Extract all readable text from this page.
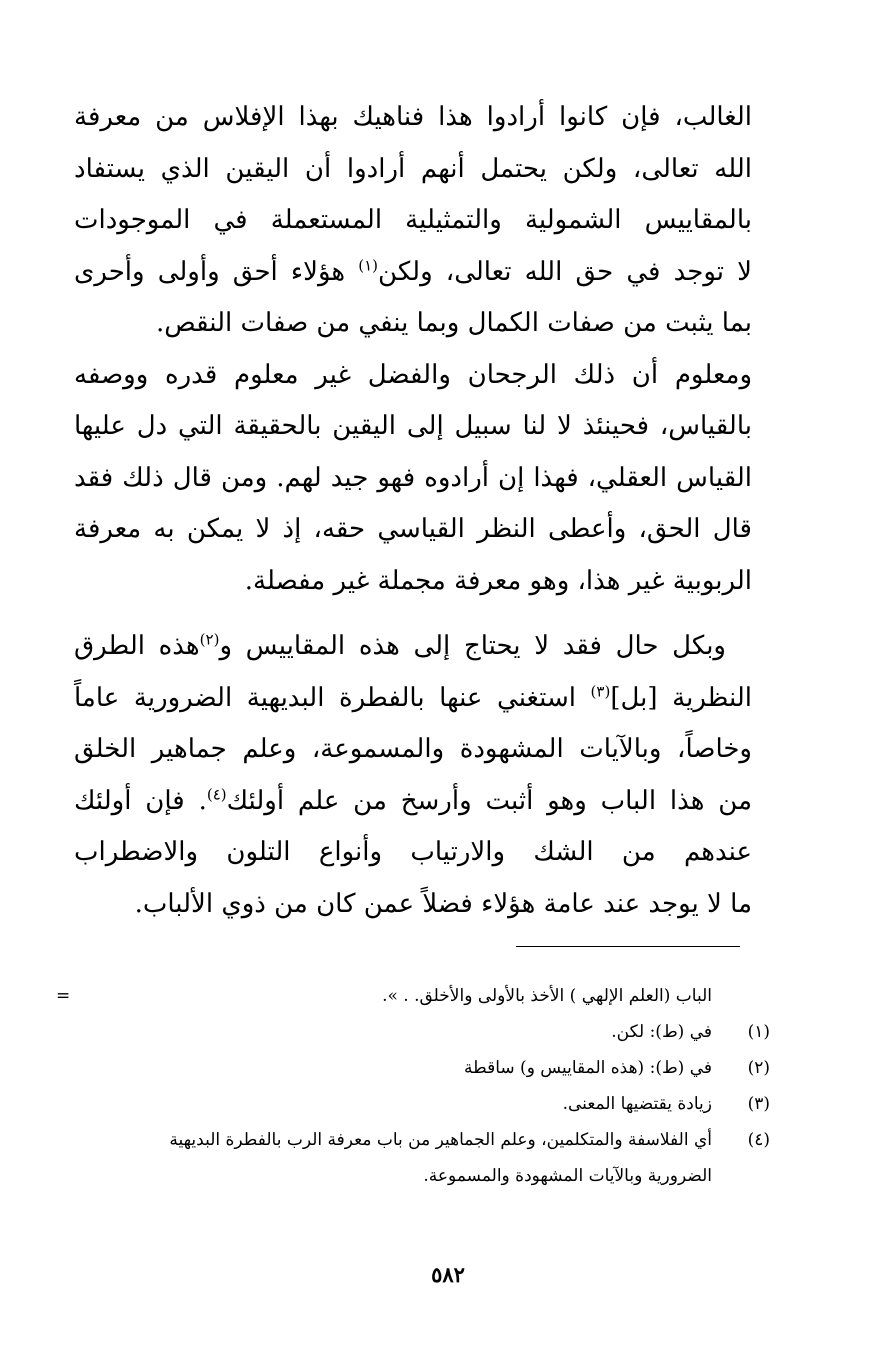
الغالب، فإن كانوا أرادوا هذا فناهيك بهذا الإفلاس من معرفة
الله تعالى، ولكن يحتمل أنهم أرادوا أن اليقين الذي يستفاد
بالمقاييس الشمولية والتمثيلية المستعملة في الموجودات
لا توجد في حق الله تعالى، ولكن$^{(١)}$ هؤلاء أحق وأولى وأحرى
بما يثبت من صفات الكمال وبما ينفي من صفات النقص.
ومعلوم أن ذلك الرجحان والفضل غير معلوم قدره ووصفه
بالقياس، فحينئذ لا لنا سبيل إلى اليقين بالحقيقة التي دل عليها
القياس العقلي، فهذا إن أرادوه فهو جيد لهم. ومن قال ذلك فقد
قال الحق، وأعطى النظر القياسي حقه، إذ لا يمكن به معرفة
الربوبية غير هذا، وهو معرفة مجملة غير مفصلة.
وبكل حال فقد لا يحتاج إلى هذه المقاييس و$^{(٢)}$هذه الطرق
النظرية [بل]$^{(٣)}$ استغني عنها بالفطرة البديهية الضرورية عاماً
وخاصاً، وبالآيات المشهودة والمسموعة، وعلم جماهير الخلق
من هذا الباب وهو أثبت وأرسخ من علم أولئك$^{(٤)}$. فإن أولئك
عندهم من الشك والارتياب وأنواع التلون والاضطراب
ما لا يوجد عند عامة هؤلاء فضلاً عمن كان من ذوي الألباب.
=	الباب (العلم الإلهي ) الأخذ بالأولى والأخلق. . ».
(١)
في (ط): لكن.
(٢)
في (ط): (هذه المقاييس و) ساقطة
(٣)
زيادة يقتضيها المعنى.
(٤)
أي الفلاسفة والمتكلمين، وعلم الجماهير من باب معرفة الرب بالفطرة البديهية
الضرورية وبالآيات المشهودة والمسموعة.
٥٨٢
